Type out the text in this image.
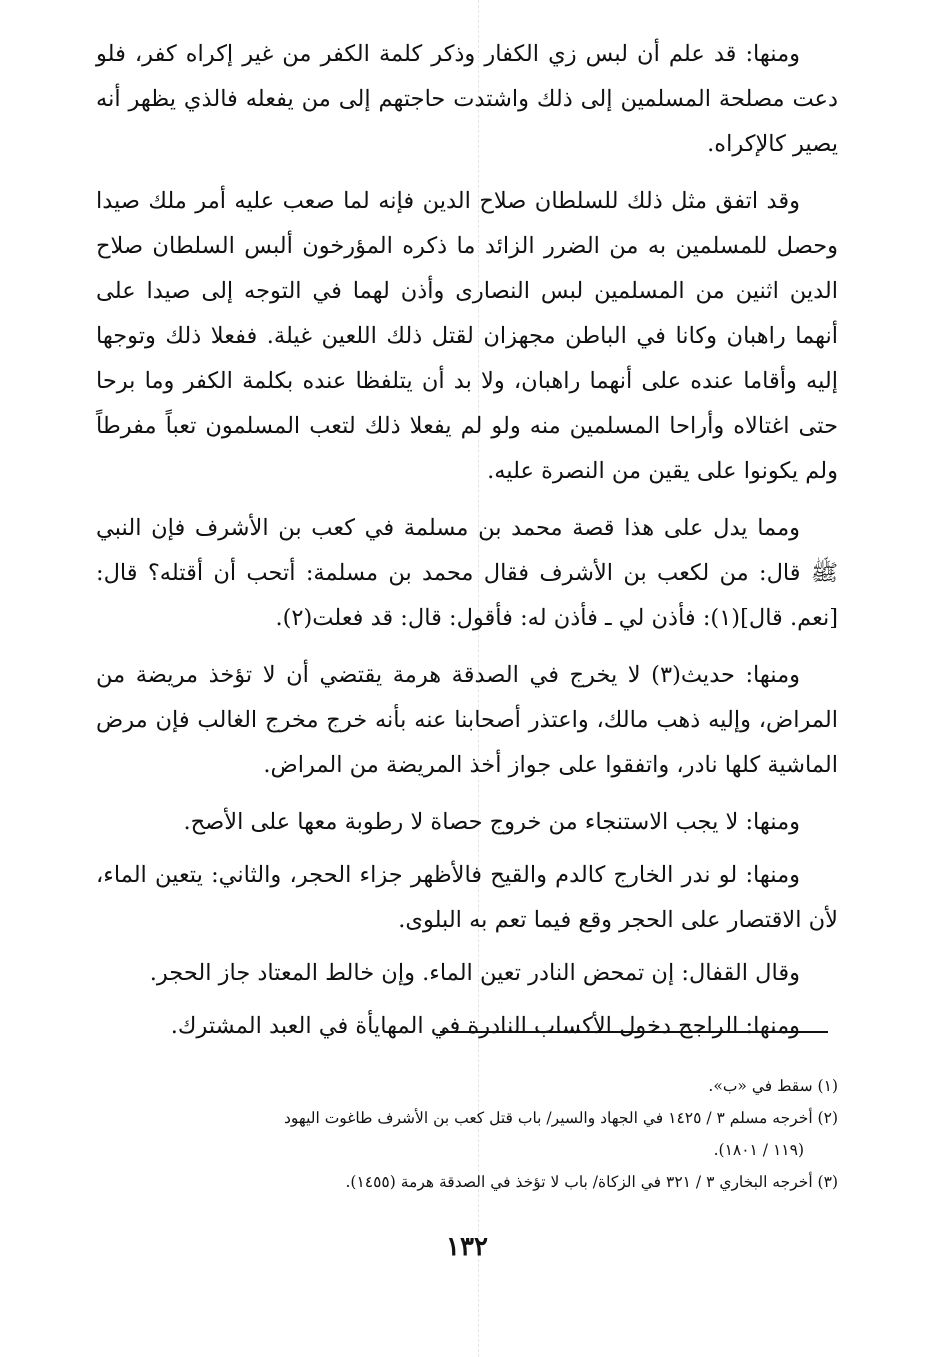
ومنها: قد علم أن لبس زي الكفار وذكر كلمة الكفر من غير إكراه كفر، فلو دعت مصلحة المسلمين إلى ذلك واشتدت حاجتهم إلى من يفعله فالذي يظهر أنه يصير كالإكراه.

وقد اتفق مثل ذلك للسلطان صلاح الدين فإنه لما صعب عليه أمر ملك صيدا وحصل للمسلمين به من الضرر الزائد ما ذكره المؤرخون ألبس السلطان صلاح الدين اثنين من المسلمين لبس النصارى وأذن لهما في التوجه إلى صيدا على أنهما راهبان وكانا في الباطن مجهزان لقتل ذلك اللعين غيلة. ففعلا ذلك وتوجها إليه وأقاما عنده على أنهما راهبان، ولا بد أن يتلفظا عنده بكلمة الكفر وما برحا حتى اغتالاه وأراحا المسلمين منه ولو لم يفعلا ذلك لتعب المسلمون تعباً مفرطاً ولم يكونوا على يقين من النصرة عليه.

ومما يدل على هذا قصة محمد بن مسلمة في كعب بن الأشرف فإن النبي ﷺ قال: من لكعب بن الأشرف فقال محمد بن مسلمة: أتحب أن أقتله؟ قال: [نعم. قال](١): فأذن لي ـ فأذن له: فأقول: قال: قد فعلت(٢).

ومنها: حديث(٣) لا يخرج في الصدقة هرمة يقتضي أن لا تؤخذ مريضة من المراض، وإليه ذهب مالك، واعتذر أصحابنا عنه بأنه خرج مخرج الغالب فإن مرض الماشية كلها نادر، واتفقوا على جواز أخذ المريضة من المراض.

ومنها: لا يجب الاستنجاء من خروج حصاة لا رطوبة معها على الأصح.

ومنها: لو ندر الخارج كالدم والقيح فالأظهر جزاء الحجر، والثاني: يتعين الماء، لأن الاقتصار على الحجر وقع فيما تعم به البلوى.

وقال القفال: إن تمحض النادر تعين الماء. وإن خالط المعتاد جاز الحجر.

ومنها: الراجح دخول الأكساب النادرة في المهايأة في العبد المشترك.

(١) سقط في «ب».

(٢) أخرجه مسلم ٣ / ١٤٢٥ في الجهاد والسير/ باب قتل كعب بن الأشرف طاغوت اليهود

(١١٩ / ١٨٠١).

(٣) أخرجه البخاري ٣ / ٣٢١ في الزكاة/ باب لا تؤخذ في الصدقة هرمة (١٤٥٥).

١٣٢
